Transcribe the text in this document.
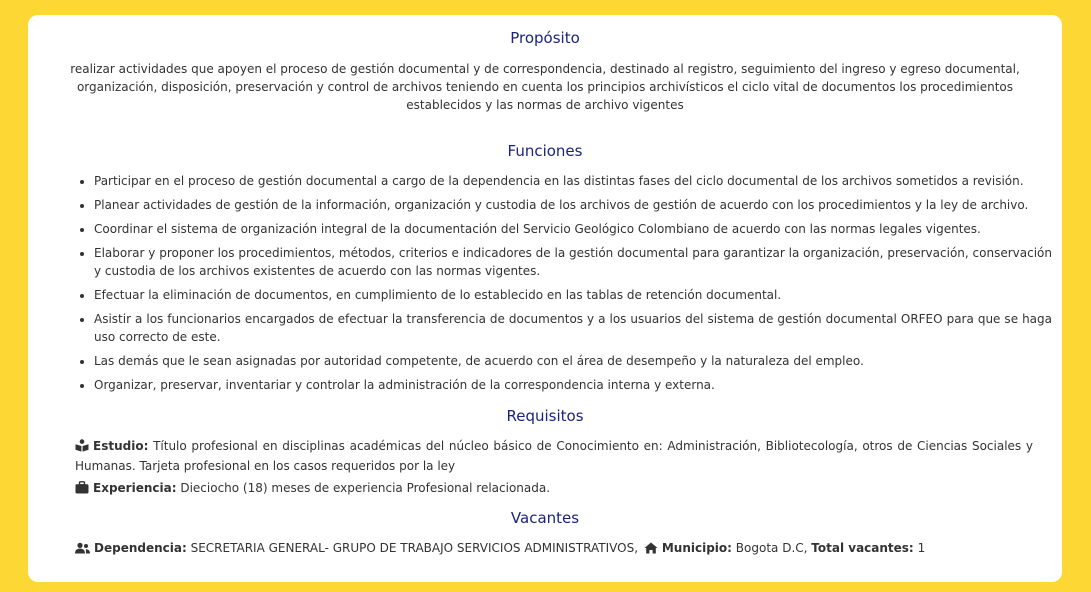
Propósito

realizar actividades que apoyen el proceso de gestión documental y de correspondencia, destinado al registro, seguimiento del ingreso y egreso documental, organización, disposición, preservación y control de archivos teniendo en cuenta los principios archivísticos el ciclo vital de documentos los procedimientos establecidos y las normas de archivo vigentes

Funciones
• Participar en el proceso de gestión documental a cargo de la dependencia en las distintas fases del ciclo documental de los archivos sometidos a revisión.
• Planear actividades de gestión de la información, organización y custodia de los archivos de gestión de acuerdo con los procedimientos y la ley de archivo.
• Coordinar el sistema de organización integral de la documentación del Servicio Geológico Colombiano de acuerdo con las normas legales vigentes.
• Elaborar y proponer los procedimientos, métodos, criterios e indicadores de la gestión documental para garantizar la organización, preservación, conservación y custodia de los archivos existentes de acuerdo con las normas vigentes.
• Efectuar la eliminación de documentos, en cumplimiento de lo establecido en las tablas de retención documental.
• Asistir a los funcionarios encargados de efectuar la transferencia de documentos y a los usuarios del sistema de gestión documental ORFEO para que se haga uso correcto de este.
• Las demás que le sean asignadas por autoridad competente, de acuerdo con el área de desempeño y la naturaleza del empleo.
• Organizar, preservar, inventariar y controlar la administración de la correspondencia interna y externa.
Requisitos

Estudio: Título profesional en disciplinas académicas del núcleo básico de Conocimiento en: Administración, Bibliotecología, otros de Ciencias Sociales y Humanas. Tarjeta profesional en los casos requeridos por la ley

Experiencia: Dieciocho (18) meses de experiencia Profesional relacionada.

Vacantes

Dependencia: SECRETARIA GENERAL- GRUPO DE TRABAJO SERVICIOS ADMINISTRATIVOS, Municipio: Bogota D.C, Total vacantes: 1
